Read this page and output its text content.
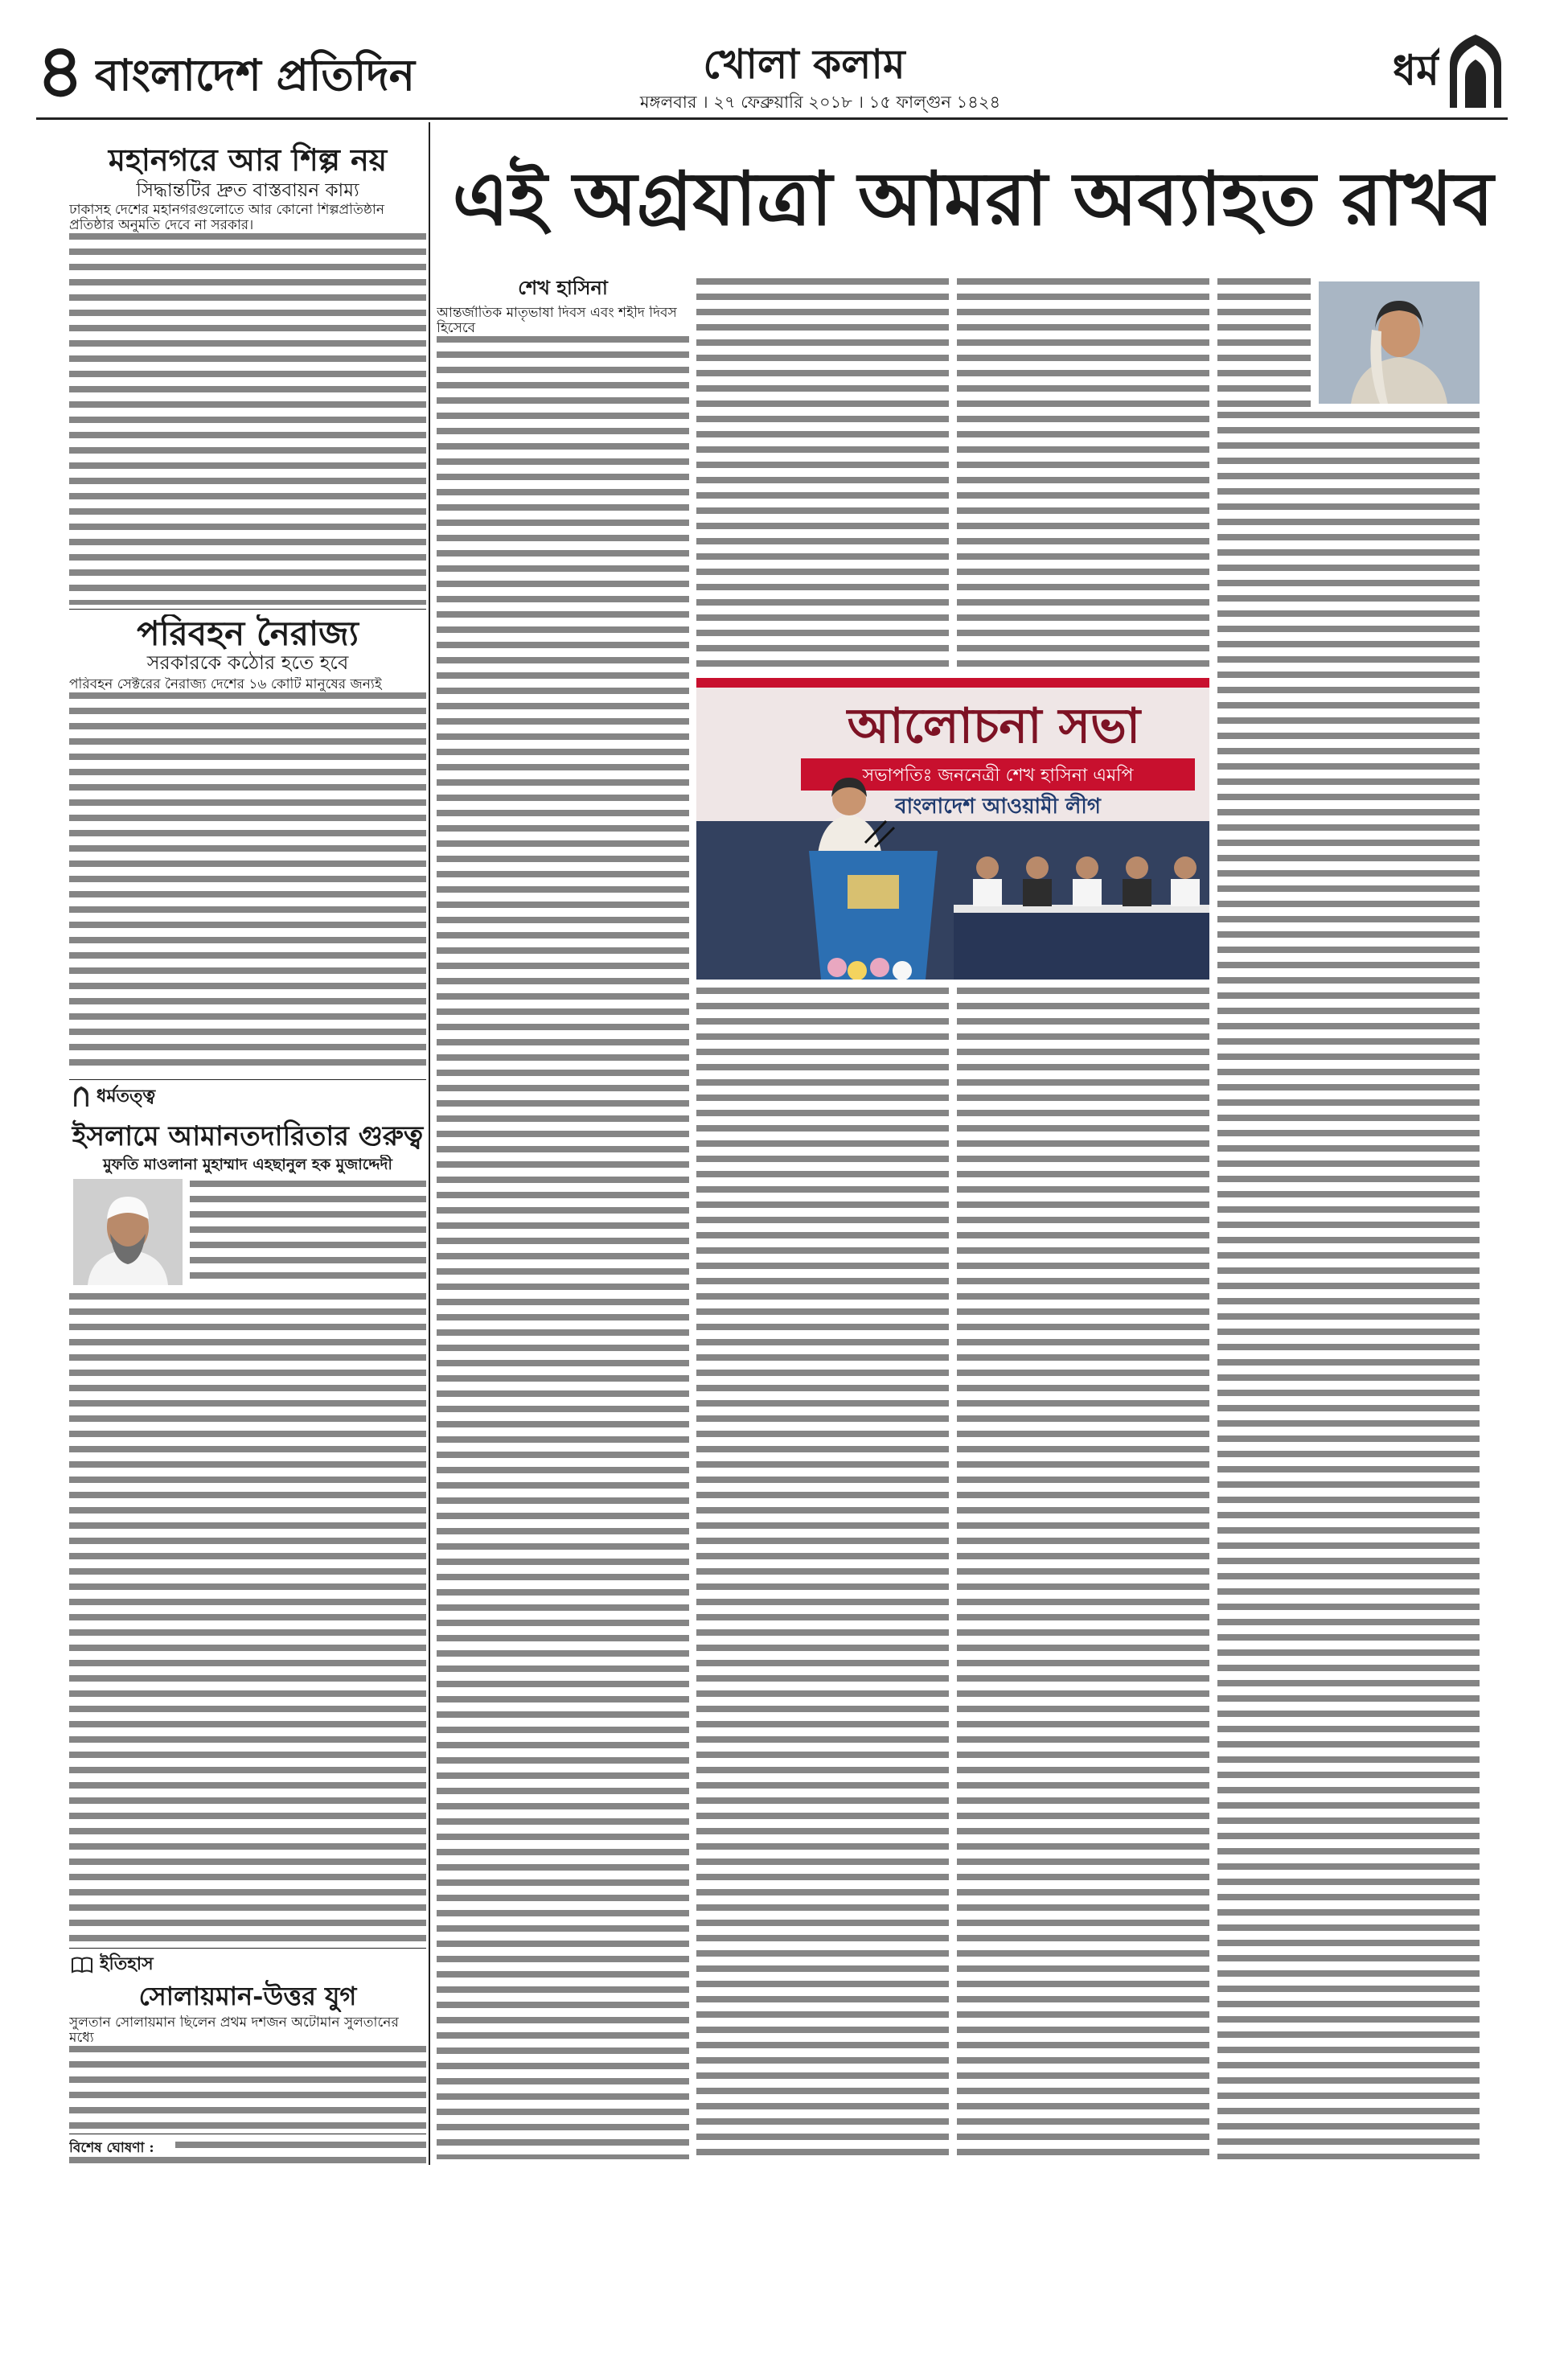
৪ বাংলাদেশ প্রতিদিন	খোলা কলাম
মঙ্গলবার । ২৭ ফেব্রুয়ারি ২০১৮ । ১৫ ফাল্গুন ১৪২৪
ধর্ম
মহানগরে আর শিল্প নয়
সিদ্ধান্তটির দ্রুত বাস্তবায়ন কাম্য
ঢাকাসহ দেশের মহানগরগুলোতে আর কোনো শিল্পপ্রতিষ্ঠান প্রতিষ্ঠার অনুমতি দেবে না সরকার।
পরিবহন নৈরাজ্য
সরকারকে কঠোর হতে হবে
পরিবহন সেক্টরের নৈরাজ্য দেশের ১৬ কোটি মানুষের জন্যই
ধর্মতত্ত্ব
ইসলামে আমানতদারিতার গুরুত্ব
মুফতি মাওলানা মুহাম্মাদ এহছানুল হক মুজাদ্দেদী
ইতিহাস
সোলায়মান-উত্তর যুগ
সুলতান সোলায়মান ছিলেন প্রথম দশজন অটোমান সুলতানের মধ্যে
বিশেষ ঘোষণা :
এই অগ্রযাত্রা আমরা অব্যাহত রাখব
শেখ হাসিনা
আন্তর্জাতিক মাতৃভাষা দিবস এবং শহীদ দিবস হিসেবে
আলোচনা সভা
সভাপতিঃ জননেত্রী শেখ হাসিনা এমপি
বাংলাদেশ আওয়ামী লীগ
